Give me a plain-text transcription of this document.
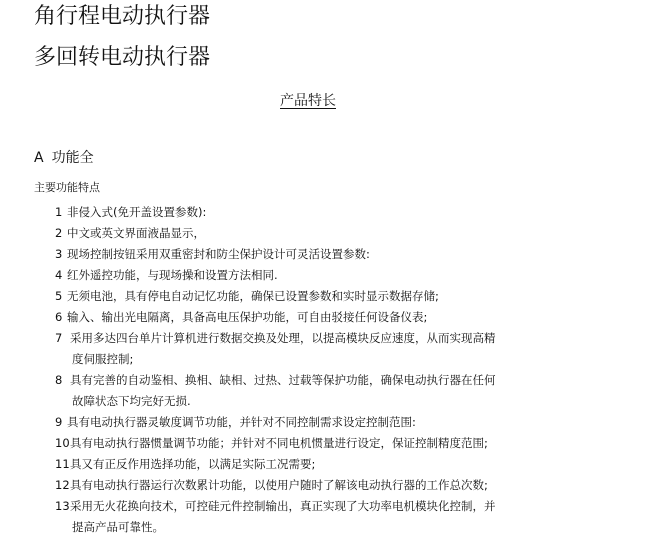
角行程电动执行器
多回转电动执行器
产品特长
A 功能全
主要功能特点
1 非侵入式(免开盖设置参数):
2 中文或英文界面液晶显示，
3 现场控制按钮采用双重密封和防尘保护设计可灵活设置参数:
4 红外遥控功能，与现场操和设置方法相同.
5 无须电池，具有停电自动记忆功能，确保已设置参数和实时显示数据存储;
6 输入、输出光电隔离，具备高电压保护功能，可自由驳接任何设备仪表;
7 采用多达四台单片计算机进行数据交换及处理，以提高模块反应速度，从而实现高精
度伺服控制;
8 具有完善的自动鉴相、换相、缺相、过热、过载等保护功能，确保电动执行器在任何
故障状态下均完好无损.
9 具有电动执行器灵敏度调节功能，并针对不同控制需求设定控制范围:
10 具有电动执行器惯量调节功能；并针对不同电机惯量进行设定，保证控制精度范围;
11 具又有正反作用选择功能，以满足实际工况需要;
12 具有电动执行器运行次数累计功能，以使用户随时了解该电动执行器的工作总次数;
13 采用无火花换向技术，可控硅元件控制输出，真正实现了大功率电机模块化控制，并
提高产品可靠性。
